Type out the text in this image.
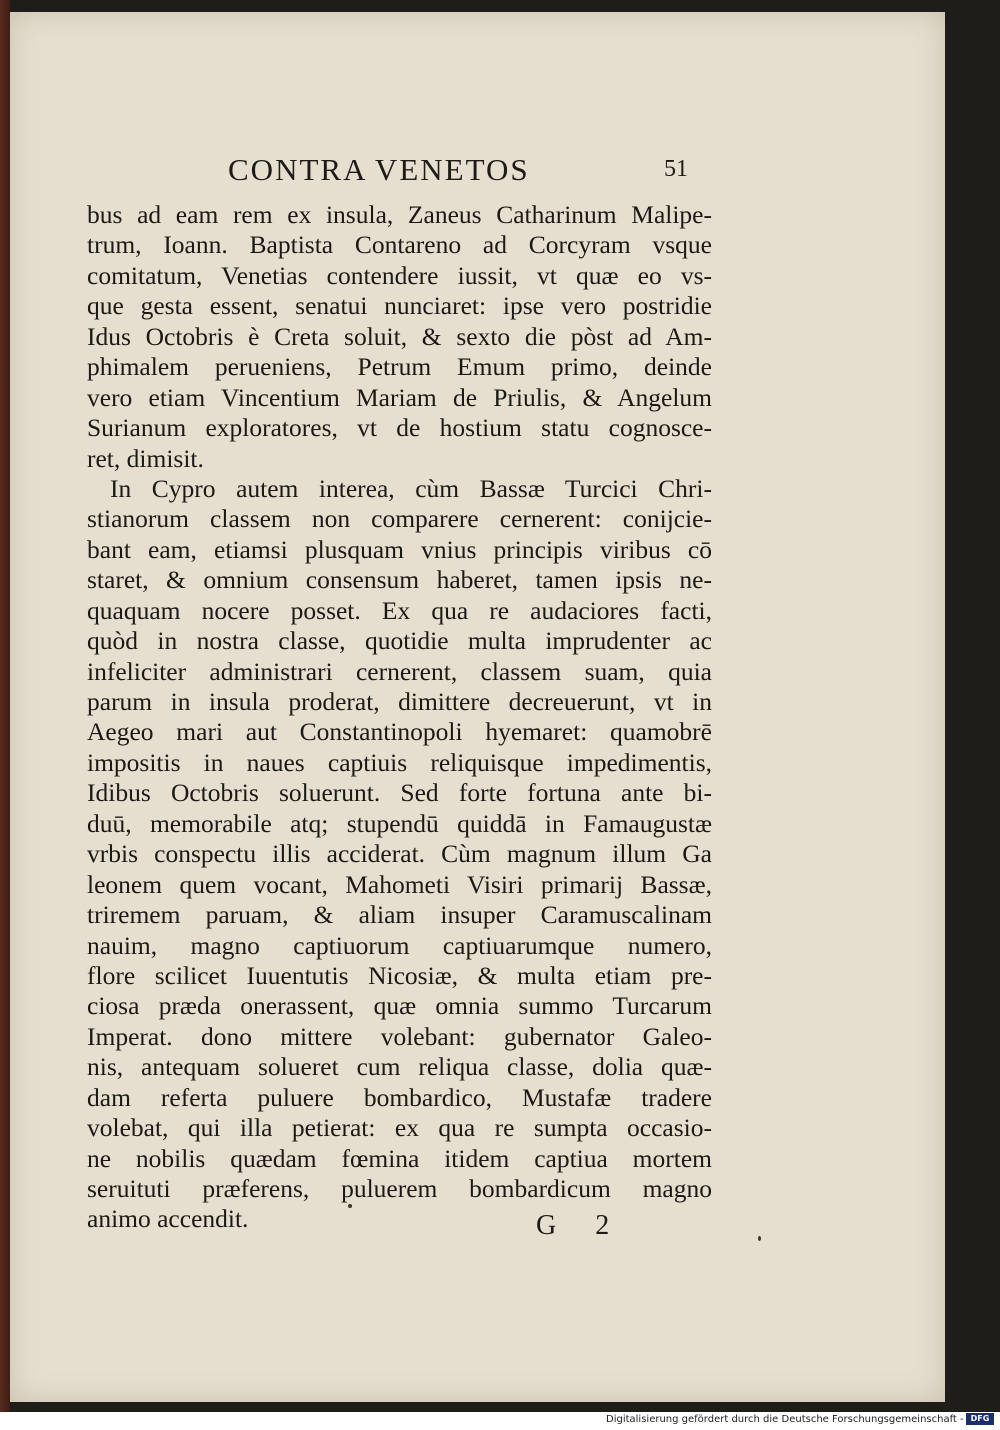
CONTRA VENETOS	51
bus ad eam rem ex insula, Zaneus Catharinum Malipe-
trum, Ioann. Baptista Contareno ad Corcyram vsque
comitatum, Venetias contendere iussit, vt quæ eo vs-
que gesta essent, senatui nunciaret: ipse vero postridie
Idus Octobris è Creta soluit, & sexto die pòst ad Am-
phimalem perueniens, Petrum Emum primo, deinde
vero etiam Vincentium Mariam de Priulis, & Angelum
Surianum exploratores, vt de hostium statu cognosce-
ret, dimisit.
In Cypro autem interea, cùm Bassæ Turcici Chri-
stianorum classem non comparere cernerent: conijcie-
bant eam, etiamsi plusquam vnius principis viribus cō
staret, & omnium consensum haberet, tamen ipsis ne-
quaquam nocere posset. Ex qua re audaciores facti,
quòd in nostra classe, quotidie multa imprudenter ac
infeliciter administrari cernerent, classem suam, quia
parum in insula proderat, dimittere decreuerunt, vt in
Aegeo mari aut Constantinopoli hyemaret: quamobrē
impositis in naues captiuis reliquisque impedimentis,
Idibus Octobris soluerunt. Sed forte fortuna ante bi-
duū, memorabile atq; stupendū quiddā in Famaugustæ
vrbis conspectu illis acciderat. Cùm magnum illum Ga
leonem quem vocant, Mahometi Visiri primarij Bassæ,
triremem paruam, & aliam insuper Caramuscalinam
nauim, magno captiuorum captiuarumque numero,
flore scilicet Iuuentutis Nicosiæ, & multa etiam pre-
ciosa præda onerassent, quæ omnia summo Turcarum
Imperat. dono mittere volebant: gubernator Galeo-
nis, antequam solueret cum reliqua classe, dolia quæ-
dam referta puluere bombardico, Mustafæ tradere
volebat, qui illa petierat: ex qua re sumpta occasio-
ne nobilis quædam fœmina itidem captiua mortem
seruituti præferens, puluerem bombardicum magno
animo accendit.	G 2
Digitalisierung gefördert durch die Deutsche Forschungsgemeinschaft - DFG
